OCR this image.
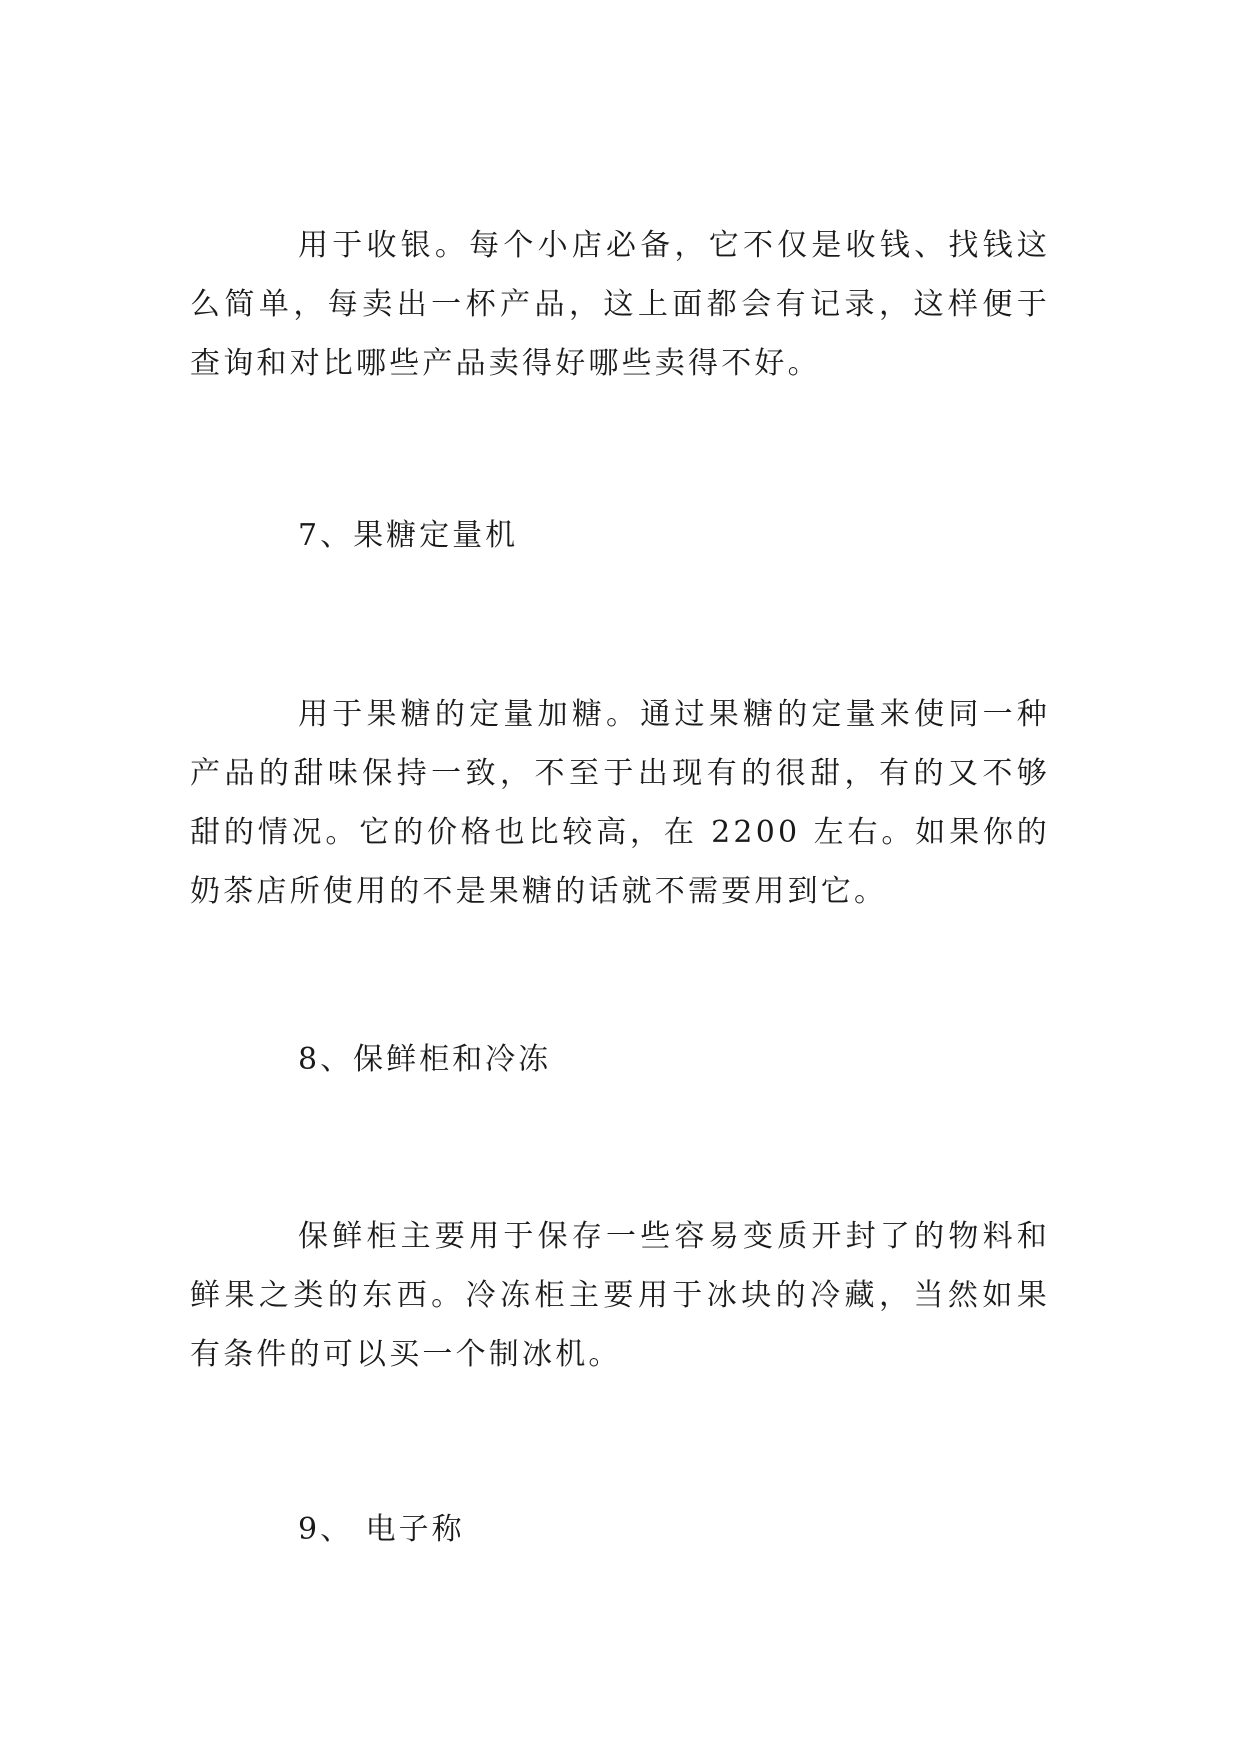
用于收银。每个小店必备，它不仅是收钱、找钱这么简单，每卖出一杯产品，这上面都会有记录，这样便于查询和对比哪些产品卖得好哪些卖得不好。

7、果糖定量机

用于果糖的定量加糖。通过果糖的定量来使同一种产品的甜味保持一致，不至于出现有的很甜，有的又不够甜的情况。它的价格也比较高，在 2200 左右。如果你的奶茶店所使用的不是果糖的话就不需要用到它。

8、保鲜柜和冷冻

保鲜柜主要用于保存一些容易变质开封了的物料和鲜果之类的东西。冷冻柜主要用于冰块的冷藏，当然如果有条件的可以买一个制冰机。

9、 电子称
